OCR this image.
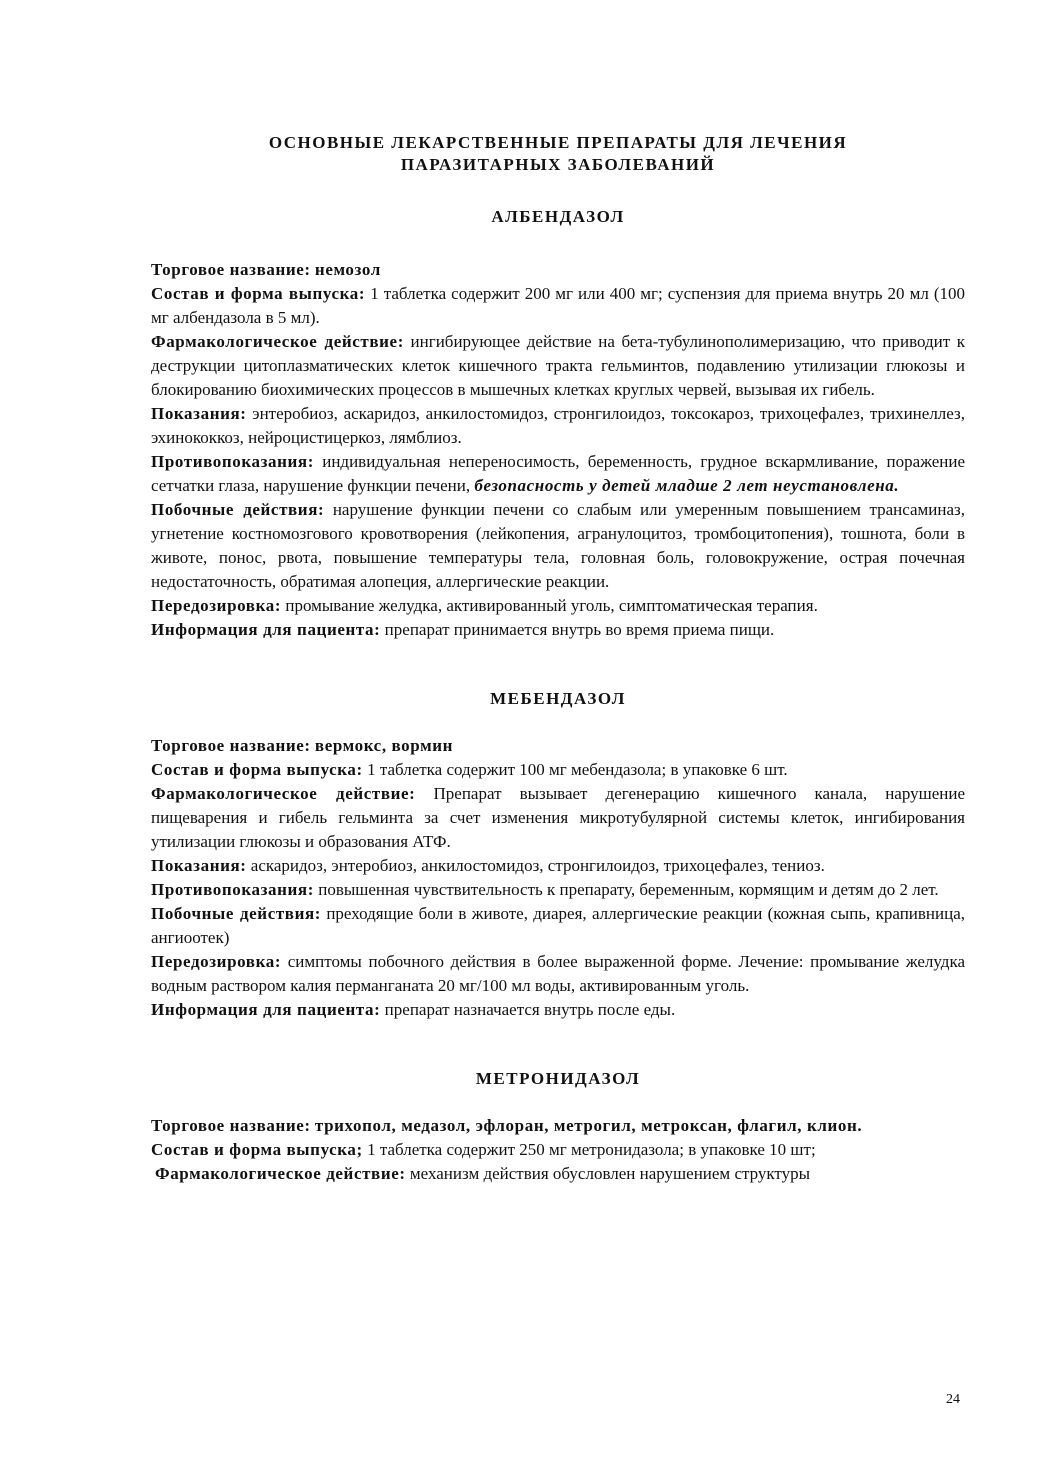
ОСНОВНЫЕ ЛЕКАРСТВЕННЫЕ ПРЕПАРАТЫ ДЛЯ ЛЕЧЕНИЯ

ПАРАЗИТАРНЫХ ЗАБОЛЕВАНИЙ

АЛБЕНДАЗОЛ

Торговое название: немозол

Состав и форма выпуска: 1 таблетка содержит 200 мг или 400 мг; суспензия для приема внутрь 20 мл (100 мг албендазола в 5 мл).

Фармакологическое действие: ингибирующее действие на бета-тубулинополимеризацию, что приводит к деструкции цитоплазматических клеток кишечного тракта гельминтов, подавлению утилизации глюкозы и блокированию биохимических процессов в мышечных клетках круглых червей, вызывая их гибель.

Показания: энтеробиоз, аскаридоз, анкилостомидоз, стронгилоидоз, токсокароз, трихоцефалез, трихинеллез, эхинококкоз, нейроцистицеркоз, лямблиоз.

Противопоказания: индивидуальная непереносимость, беременность, грудное вскармливание, поражение сетчатки глаза, нарушение функции печени, безопасность у детей младше 2 лет неустановлена.

Побочные действия: нарушение функции печени со слабым или умеренным повышением трансаминаз, угнетение костномозгового кровотворения (лейкопения, агранулоцитоз, тромбоцитопения), тошнота, боли в животе, понос, рвота, повышение температуры тела, головная боль, головокружение, острая почечная недостаточность, обратимая алопеция, аллергические реакции.

Передозировка: промывание желудка, активированный уголь, симптоматическая терапия.

Информация для пациента: препарат принимается внутрь во время приема пищи.

МЕБЕНДАЗОЛ

Торговое название: вермокс, вормин

Состав и форма выпуска: 1 таблетка содержит 100 мг мебендазола; в упаковке 6 шт.

Фармакологическое действие: Препарат вызывает дегенерацию кишечного канала, нарушение пищеварения и гибель гельминта за счет изменения микротубулярной системы клеток, ингибирования утилизации глюкозы и образования АТФ.

Показания: аскаридоз, энтеробиоз, анкилостомидоз, стронгилоидоз, трихоцефалез, тениоз.

Противопоказания: повышенная чувствительность к препарату, беременным, кормящим и детям до 2 лет.

Побочные действия: преходящие боли в животе, диарея, аллергические реакции (кожная сыпь, крапивница, ангиоотек)

Передозировка: симптомы побочного действия в более выраженной форме. Лечение: промывание желудка водным раствором калия перманганата 20 мг/100 мл воды, активированным уголь.

Информация для пациента: препарат назначается внутрь после еды.

МЕТРОНИДАЗОЛ

Торговое название: трихопол, медазол, эфлоран, метрогил, метроксан, флагил, клион.

Состав и форма выпуска; 1 таблетка содержит 250 мг метронидазола; в упаковке 10 шт;

Фармакологическое действие: механизм действия обусловлен нарушением структуры

24
